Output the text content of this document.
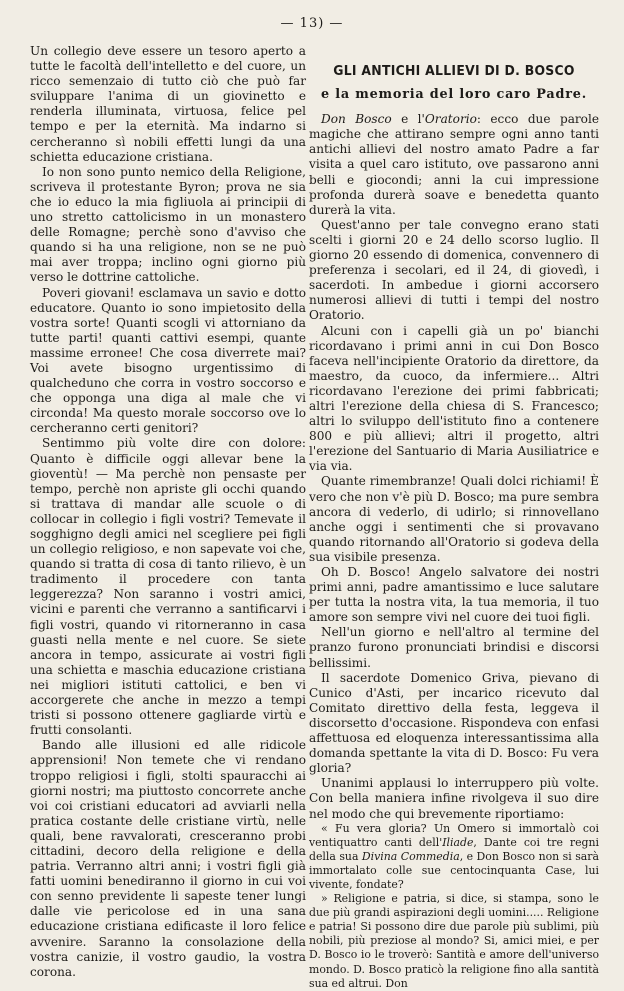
— 13) —

Un collegio deve essere un tesoro aperto a tutte le facoltà dell'intelletto e del cuore, un ricco semenzaio di tutto ciò che può far sviluppare l'anima di un giovinetto e renderla illuminata, virtuosa, felice pel tempo e per la eternità. Ma indarno si cercheranno sì nobili effetti lungi da una schietta educazione cristiana.

Io non sono punto nemico della Religione, scriveva il protestante Byron; prova ne sia che io educo la mia figliuola ai principii di uno stretto cattolicismo in un monastero delle Romagne; perchè sono d'avviso che quando si ha una religione, non se ne può mai aver troppa; inclino ogni giorno più verso le dottrine cattoliche.

Poveri giovani! esclamava un savio e dotto educatore. Quanto io sono impietosito della vostra sorte! Quanti scogli vi attorniano da tutte parti! quanti cattivi esempi, quante massime erronee! Che cosa diverrete mai? Voi avete bisogno urgentissimo di qualcheduno che corra in vostro soccorso e che opponga una diga al male che vi circonda! Ma questo morale soccorso ove lo cercheranno certi genitori?

Sentimmo più volte dire con dolore: Quanto è difficile oggi allevar bene la gioventù! — Ma perchè non pensaste per tempo, perchè non apriste gli occhi quando si trattava di mandar alle scuole o di collocar in collegio i figli vostri? Temevate il sogghigno degli amici nel scegliere pei figli un collegio religioso, e non sapevate voi che, quando si tratta di cosa di tanto rilievo, è un tradimento il procedere con tanta leggerezza? Non saranno i vostri amici, vicini e parenti che verranno a santificarvi i figli vostri, quando vi ritorneranno in casa guasti nella mente e nel cuore. Se siete ancora in tempo, assicurate ai vostri figli una schietta e maschia educazione cristiana nei migliori istituti cattolici, e ben vi accorgerete che anche in mezzo a tempi tristi si possono ottenere gagliarde virtù e frutti consolanti.

Bando alle illusioni ed alle ridicole apprensioni! Non temete che vi rendano troppo religiosi i figli, stolti spauracchi ai giorni nostri; ma piuttosto concorrete anche voi coi cristiani educatori ad avviarli nella pratica costante delle cristiane virtù, nelle quali, bene ravvalorati, cresceranno probi cittadini, decoro della religione e della patria. Verranno altri anni; i vostri figli già fatti uomini benediranno il giorno in cui voi con senno previdente li sapeste tener lungi dalle vie pericolose ed in una sana educazione cristiana edificaste il loro felice avvenire. Saranno la consolazione della vostra canizie, il vostro gaudio, la vostra corona.

GLI ANTICHI ALLIEVI DI D. BOSCO
e la memoria del loro caro Padre.

Don Bosco e l'Oratorio: ecco due parole magiche che attirano sempre ogni anno tanti antichi allievi del nostro amato Padre a far visita a quel caro istituto, ove passarono anni belli e giocondi; anni la cui impressione profonda durerà soave e benedetta quanto durerà la vita.

Quest'anno per tale convegno erano stati scelti i giorni 20 e 24 dello scorso luglio. Il giorno 20 essendo di domenica, convennero di preferenza i secolari, ed il 24, di giovedì, i sacerdoti. In ambedue i giorni accorsero numerosi allievi di tutti i tempi del nostro Oratorio.

Alcuni con i capelli già un po' bianchi ricordavano i primi anni in cui Don Bosco faceva nell'incipiente Oratorio da direttore, da maestro, da cuoco, da infermiere... Altri ricordavano l'erezione dei primi fabbricati; altri l'erezione della chiesa di S. Francesco; altri lo sviluppo dell'istituto fino a contenere 800 e più allievi; altri il progetto, altri l'erezione del Santuario di Maria Ausiliatrice e via via.

Quante rimembranze! Quali dolci richiami! È vero che non v'è più D. Bosco; ma pure sembra ancora di vederlo, di udirlo; si rinnovellano anche oggi i sentimenti che si provavano quando ritornando all'Oratorio si godeva della sua visibile presenza.

Oh D. Bosco! Angelo salvatore dei nostri primi anni, padre amantissimo e luce salutare per tutta la nostra vita, la tua memoria, il tuo amore son sempre vivi nel cuore dei tuoi figli.

Nell'un giorno e nell'altro al termine del pranzo furono pronunciati brindisi e discorsi bellissimi.

Il sacerdote Domenico Griva, pievano di Cunico d'Asti, per incarico ricevuto dal Comitato direttivo della festa, leggeva il discorsetto d'occasione. Rispondeva con enfasi affettuosa ed eloquenza interessantissima alla domanda spettante la vita di D. Bosco: Fu vera gloria?

Unanimi applausi lo interruppero più volte. Con bella maniera infine rivolgeva il suo dire nel modo che qui brevemente riportiamo:

« Fu vera gloria? Un Omero si immortalò coi ventiquattro canti dell'Iliade, Dante coi tre regni della sua Divina Commedia, e Don Bosco non si sarà immortalato colle sue centocinquanta Case, lui vivente, fondate?

» Religione e patria, si dice, si stampa, sono le due più grandi aspirazioni degli uomini..... Religione e patria! Si possono dire due parole più sublimi, più nobili, più preziose al mondo? Si, amici miei, e per D. Bosco io le troverò: Santità e amore dell'universo mondo. D. Bosco praticò la religione fino alla santità sua ed altrui. Don
